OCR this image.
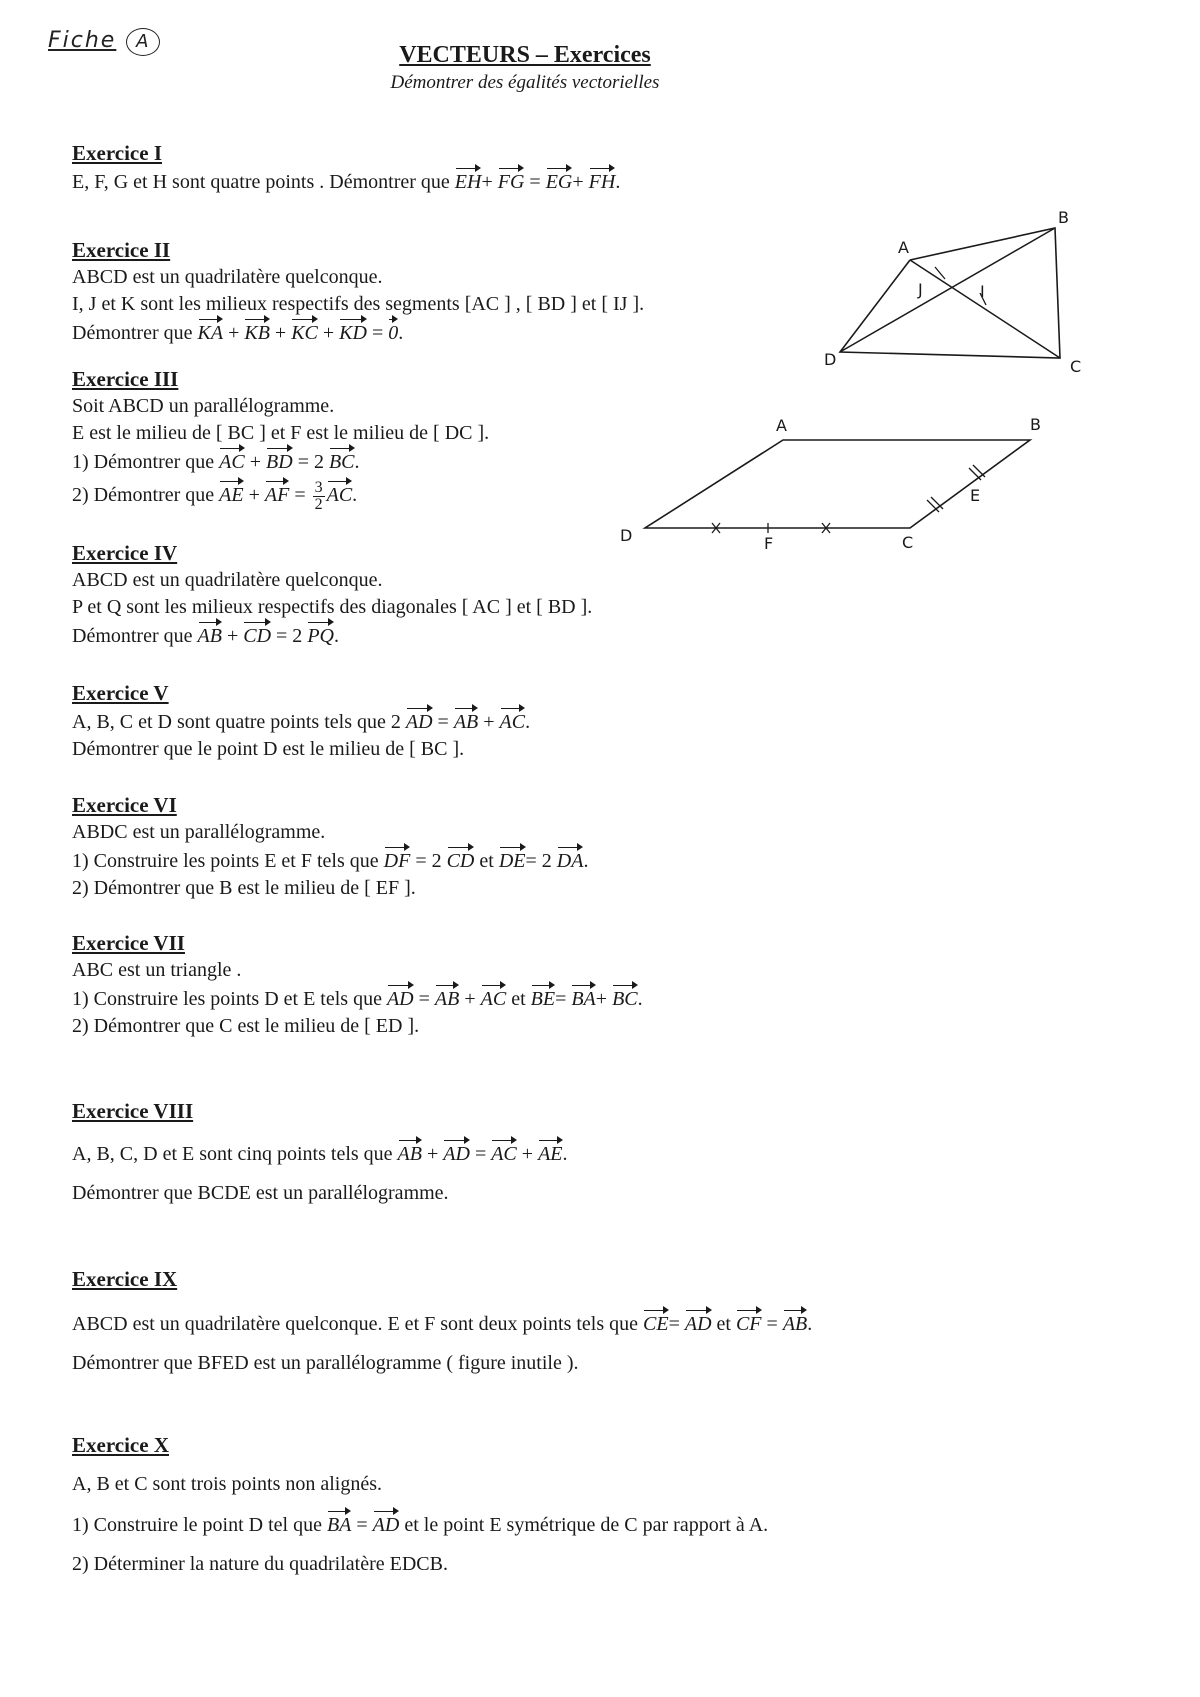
Fiche A
VECTEURS – Exercices
Démontrer des égalités vectorielles
Exercice I
E, F, G et H sont quatre points . Démontrer que EH+ FG = EG+ FH.
Exercice II
ABCD est un quadrilatère quelconque.
I, J et K sont les milieux respectifs des segments [AC ] , [ BD ] et [ IJ ].
Démontrer que KA + KB + KC + KD = 0.
A
B
C
D
J	I
Exercice III
Soit ABCD un parallélogramme.
E est le milieu de [ BC ] et F est le milieu de [ DC ].
1) Démontrer que AC + BD = 2 BC.
2) Démontrer que AE + AF = $\frac{3}{2}$ AC.
A	B
C
D
E
F
Exercice IV
ABCD est un quadrilatère quelconque.
P et Q sont les milieux respectifs des diagonales [ AC ] et [ BD ].
Démontrer que AB + CD = 2 PQ.
Exercice V
A, B, C et D sont quatre points tels que 2 AD = AB + AC.
Démontrer que le point D est le milieu de [ BC ].
Exercice VI
ABDC est un parallélogramme.
1) Construire les points E et F tels que DF = 2 CD et DE= 2 DA.
2) Démontrer que B est le milieu de [ EF ].
Exercice VII
ABC est un triangle .
1) Construire les points D et E tels que AD = AB + AC et BE= BA+ BC.
2) Démontrer que C est le milieu de [ ED ].
Exercice VIII
A, B, C, D et E sont cinq points tels que AB + AD = AC + AE.
Démontrer que BCDE est un parallélogramme.
Exercice IX
ABCD est un quadrilatère quelconque. E et F sont deux points tels que CE= AD et CF = AB.
Démontrer que BFED est un parallélogramme ( figure inutile ).
Exercice X
A, B et C sont trois points non alignés.
1) Construire le point D tel que BA = AD et le point E symétrique de C par rapport à A.
2) Déterminer la nature du quadrilatère EDCB.
